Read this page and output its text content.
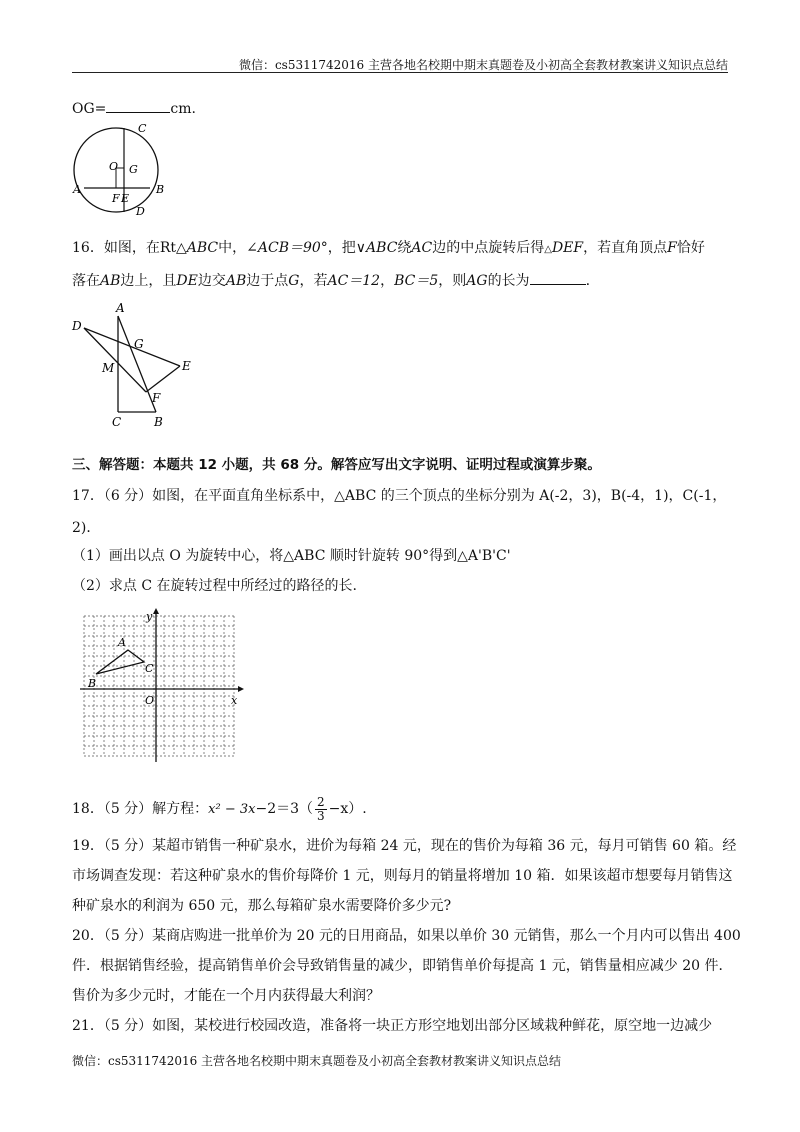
微信：cs5311742016 主营各地名校期中期末真题卷及小初高全套教材教案讲义知识点总结
OG=	cm.
C
O G
A
F E
B
D
16．如图，在Rt△ABC中，∠ACB＝90°，把∨ABC绕AC边的中点旋转后得△DEF，若直角顶点F恰好
落在AB边上，且DE边交AB边于点G，若AC＝12，BC＝5，则AG的长为	.
A
D
G
M	E
F
C	B
三、解答题：本题共 12 小题，共 68 分。解答应写出文字说明、证明过程或演算步聚。
17．（6 分）如图，在平面直角坐标系中，△ABC 的三个顶点的坐标分别为 A(-2，3)，B(-4，1)，C(-1，
2)．
（1）画出以点 O 为旋转中心，将△ABC 顺时针旋转 90°得到△A'B'C'
（2）求点 C 在旋转过程中所经过的路径的长.
y
x
O
A
B
C
18．（5 分）解方程：$x^2 - 3x-2=3( \frac{2}{3} -x)$.
19．（5 分）某超市销售一种矿泉水，进价为每箱 24 元，现在的售价为每箱 36 元，每月可销售 60 箱。经
市场调查发现：若这种矿泉水的售价每降价 1 元，则每月的销量将增加 10 箱．如果该超市想要每月销售这
种矿泉水的利润为 650 元，那么每箱矿泉水需要降价多少元?
20．（5 分）某商店购进一批单价为 20 元的日用商品，如果以单价 30 元销售，那么一个月内可以售出 400
件．根据销售经验，提高销售单价会导致销售量的减少，即销售单价每提高 1 元，销售量相应减少 20 件．
售价为多少元时，才能在一个月内获得最大利润？
21．（5 分）如图，某校进行校园改造，准备将一块正方形空地划出部分区域栽种鲜花，原空地一边减少
微信：cs5311742016 主营各地名校期中期末真题卷及小初高全套教材教案讲义知识点总结
